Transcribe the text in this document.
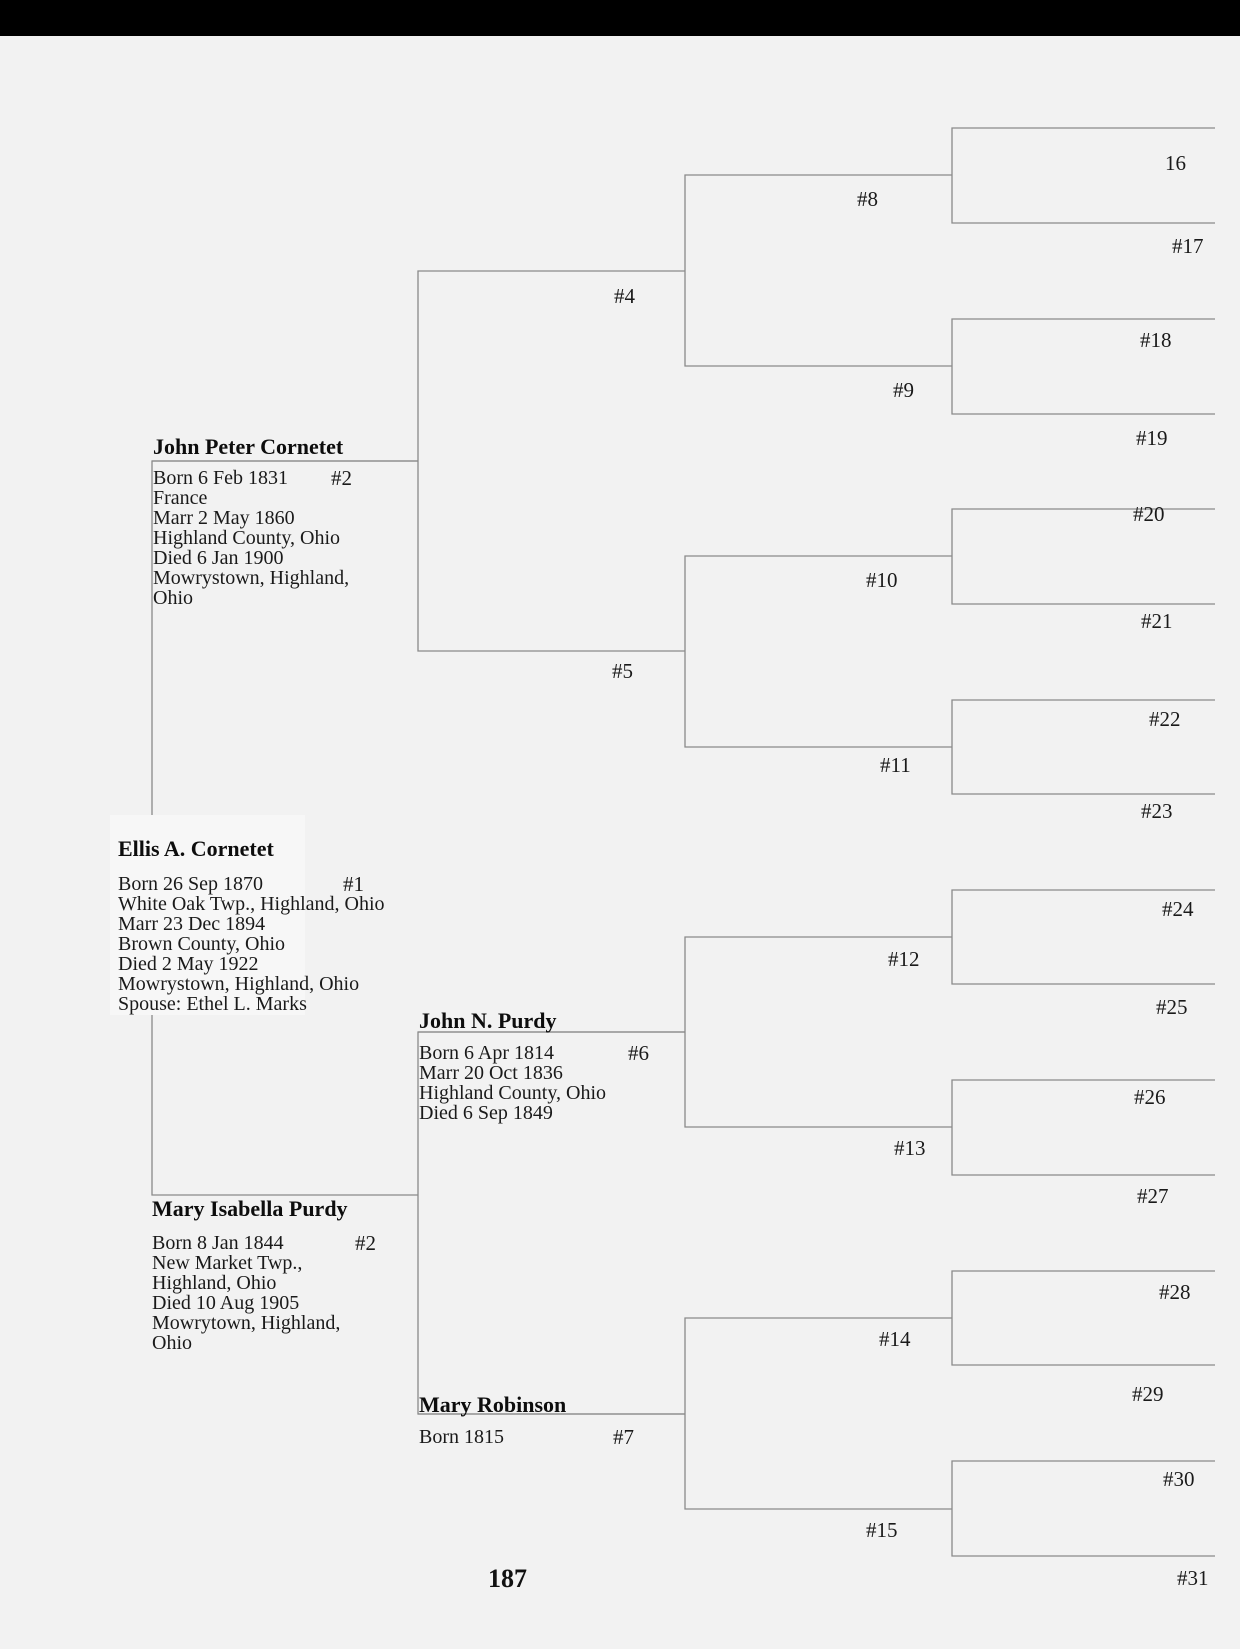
John Peter Cornetet
Born 6 Feb 1831
France
Marr 2 May 1860
Highland County, Ohio
Died 6 Jan 1900
Mowrystown, Highland,
Ohio
#2
Ellis A. Cornetet
Born 26 Sep 1870
White Oak Twp., Highland, Ohio
Marr 23 Dec 1894
Brown County, Ohio
Died 2 May 1922
Mowrystown, Highland, Ohio
Spouse: Ethel L. Marks
#1
John N. Purdy
Born 6 Apr 1814
Marr 20 Oct 1836
Highland County, Ohio
Died 6 Sep 1849
#6
Mary Isabella Purdy
Born 8 Jan 1844
New Market Twp.,
Highland, Ohio
Died 10 Aug 1905
Mowrytown, Highland,
Ohio
#2
Mary Robinson
Born 1815	#7
#4
#5
#8
#9
#10
#11
#12
#13
#14
#15
16
#17
#18
#19
#20
#21
#22
#23
#24
#25
#26
#27
#28
#29
#30
#31
187
